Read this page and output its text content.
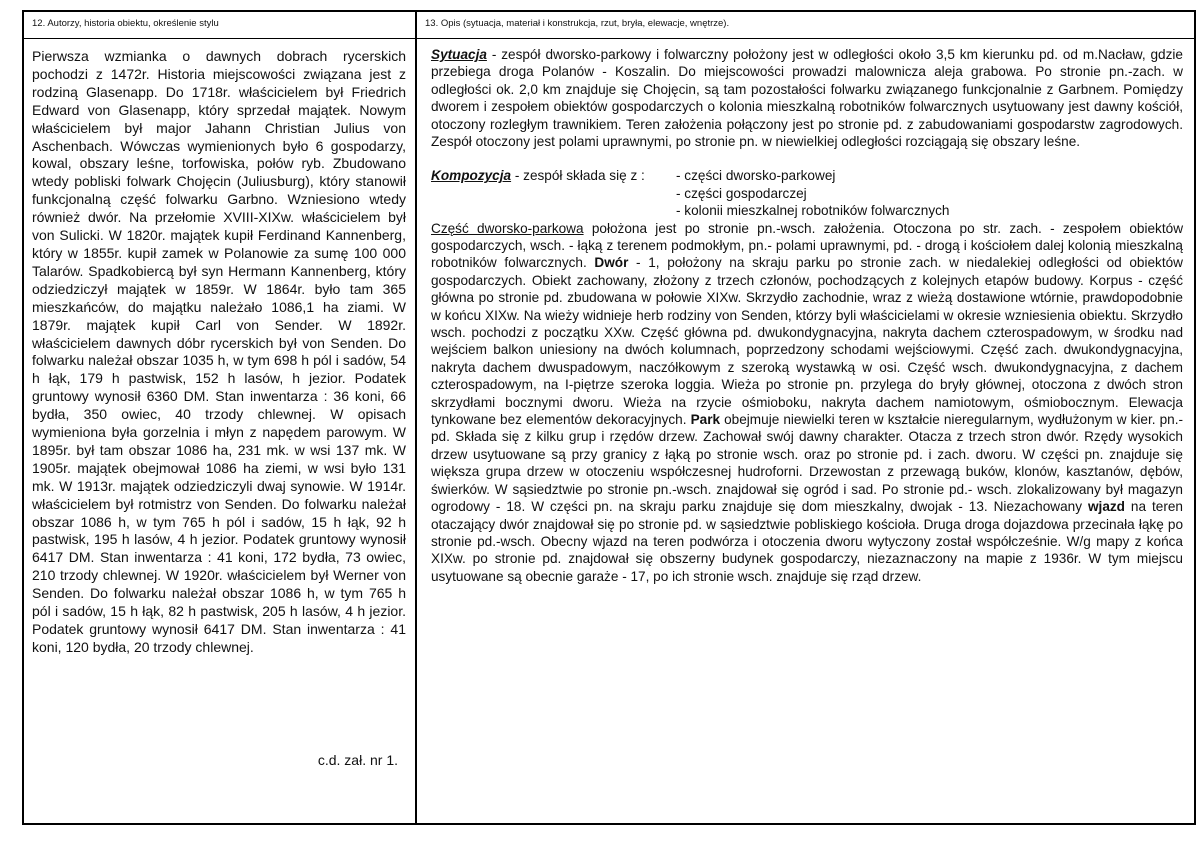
12. Autorzy, historia obiektu, określenie stylu	13. Opis (sytuacja, materiał i konstrukcja, rzut, bryła, elewacje, wnętrze).

Pierwsza wzmianka o dawnych dobrach rycerskich pochodzi z 1472r. Historia miejscowości związana jest z rodziną Glasenapp. Do 1718r. właścicielem był Friedrich Edward von Glasenapp, który sprzedał majątek. Nowym właścicielem był major Jahann Christian Julius von Aschenbach. Wówczas wymienionych było 6 gospodarzy, kowal, obszary leśne, torfowiska, połów ryb. Zbudowano wtedy pobliski folwark Chojęcin (Juliusburg), który stanowił funkcjonalną część folwarku Garbno. Wzniesiono wtedy również dwór. Na przełomie XVIII-XIXw. właścicielem był von Sulicki. W 1820r. majątek kupił Ferdinand Kannenberg, który w 1855r. kupił zamek w Polanowie za sumę 100 000 Talarów. Spadkobiercą był syn Hermann Kannenberg, który odziedziczył majątek w 1859r. W 1864r. było tam 365 mieszkańców, do majątku należało 1086,1 ha ziami. W 1879r. majątek kupił Carl von Sender. W 1892r. właścicielem dawnych dóbr rycerskich był von Senden. Do folwarku należał obszar 1035 h, w tym 698 h pól i sadów, 54 h łąk, 179 h pastwisk, 152 h lasów, h jezior. Podatek gruntowy wynosił 6360 DM. Stan inwentarza : 36 koni, 66 bydła, 350 owiec, 40 trzody chlewnej. W opisach wymieniona była gorzelnia i młyn z napędem parowym. W 1895r. był tam obszar 1086 ha, 231 mk. w wsi 137 mk. W 1905r. majątek obejmował 1086 ha ziemi, w wsi było 131 mk. W 1913r. majątek odziedziczyli dwaj synowie. W 1914r. właścicielem był rotmistrz von Senden. Do folwarku należał obszar 1086 h, w tym 765 h pól i sadów, 15 h łąk, 92 h pastwisk, 195 h lasów, 4 h jezior. Podatek gruntowy wynosił 6417 DM. Stan inwentarza : 41 koni, 172 bydła, 73 owiec, 210 trzody chlewnej. W 1920r. właścicielem był Werner von Senden. Do folwarku należał obszar 1086 h, w tym 765 h pól i sadów, 15 h łąk, 82 h pastwisk, 205 h lasów, 4 h jezior. Podatek gruntowy wynosił 6417 DM. Stan inwentarza : 41 koni, 120 bydła, 20 trzody chlewnej.

c.d. zał. nr 1.

Sytuacja - zespół dworsko-parkowy i folwarczny położony jest w odległości około 3,5 km kierunku pd. od m.Nacław, gdzie przebiega droga Polanów - Koszalin. Do miejscowości prowadzi malownicza aleja grabowa. Po stronie pn.-zach. w odległości ok. 2,0 km znajduje się Chojęcin, są tam pozostałości folwarku związanego funkcjonalnie z Garbnem. Pomiędzy dworem i zespołem obiektów gospodarczych o kolonia mieszkalną robotników folwarcznych usytuowany jest dawny kościół, otoczony rozległym trawnikiem. Teren założenia połączony jest po stronie pd. z zabudowaniami gospodarstw zagrodowych. Zespół otoczony jest polami uprawnymi, po stronie pn. w niewielkiej odległości rozciągają się obszary leśne.

Kompozycja - zespół składa się z :	- części dworsko-parkowej
- części gospodarczej
- kolonii mieszkalnej robotników folwarcznych

Część dworsko-parkowa położona jest po stronie pn.-wsch. założenia. Otoczona po str. zach. - zespołem obiektów gospodarczych, wsch. - łąką z terenem podmokłym, pn.- polami uprawnymi, pd. - drogą i kościołem dalej kolonią mieszkalną robotników folwarcznych. Dwór - 1, położony na skraju parku po stronie zach. w niedalekiej odległości od obiektów gospodarczych. Obiekt zachowany, złożony z trzech członów, pochodzących z kolejnych etapów budowy. Korpus - część główna po stronie pd. zbudowana w połowie XIXw. Skrzydło zachodnie, wraz z wieżą dostawione wtórnie, prawdopodobnie w końcu XIXw. Na wieży widnieje herb rodziny von Senden, którzy byli właścicielami w okresie wzniesienia obiektu. Skrzydło wsch. pochodzi z początku XXw. Część główna pd. dwukondygnacyjna, nakryta dachem czterospadowym, w środku nad wejściem balkon uniesiony na dwóch kolumnach, poprzedzony schodami wejściowymi. Część zach. dwukondygnacyjna, nakryta dachem dwuspadowym, naczółkowym z szeroką wystawką w osi. Część wsch. dwukondygnacyjna, z dachem czterospadowym, na I-piętrze szeroka loggia. Wieża po stronie pn. przylega do bryły głównej, otoczona z dwóch stron skrzydłami bocznymi dworu. Wieża na rzycie ośmioboku, nakryta dachem namiotowym, ośmiobocznym. Elewacja tynkowane bez elementów dekoracyjnych. Park obejmuje niewielki teren w kształcie nieregularnym, wydłużonym w kier. pn.-pd. Składa się z kilku grup i rzędów drzew. Zachował swój dawny charakter. Otacza z trzech stron dwór. Rzędy wysokich drzew usytuowane są przy granicy z łąką po stronie wsch. oraz po stronie pd. i zach. dworu. W części pn. znajduje się większa grupa drzew w otoczeniu współczesnej hudroforni. Drzewostan z przewagą buków, klonów, kasztanów, dębów, świerków. W sąsiedztwie po stronie pn.-wsch. znajdował się ogród i sad. Po stronie pd.- wsch. zlokalizowany był magazyn ogrodowy - 18. W części pn. na skraju parku znajduje się dom mieszkalny, dwojak - 13. Niezachowany wjazd na teren otaczający dwór znajdował się po stronie pd. w sąsiedztwie pobliskiego kościoła. Druga droga dojazdowa przecinała łąkę po stronie pd.-wsch. Obecny wjazd na teren podwórza i otoczenia dworu wytyczony został współcześnie. W/g mapy z końca XIXw. po stronie pd. znajdował się obszerny budynek gospodarczy, niezaznaczony na mapie z 1936r. W tym miejscu usytuowane są obecnie garaże - 17, po ich stronie wsch. znajduje się rząd drzew.
